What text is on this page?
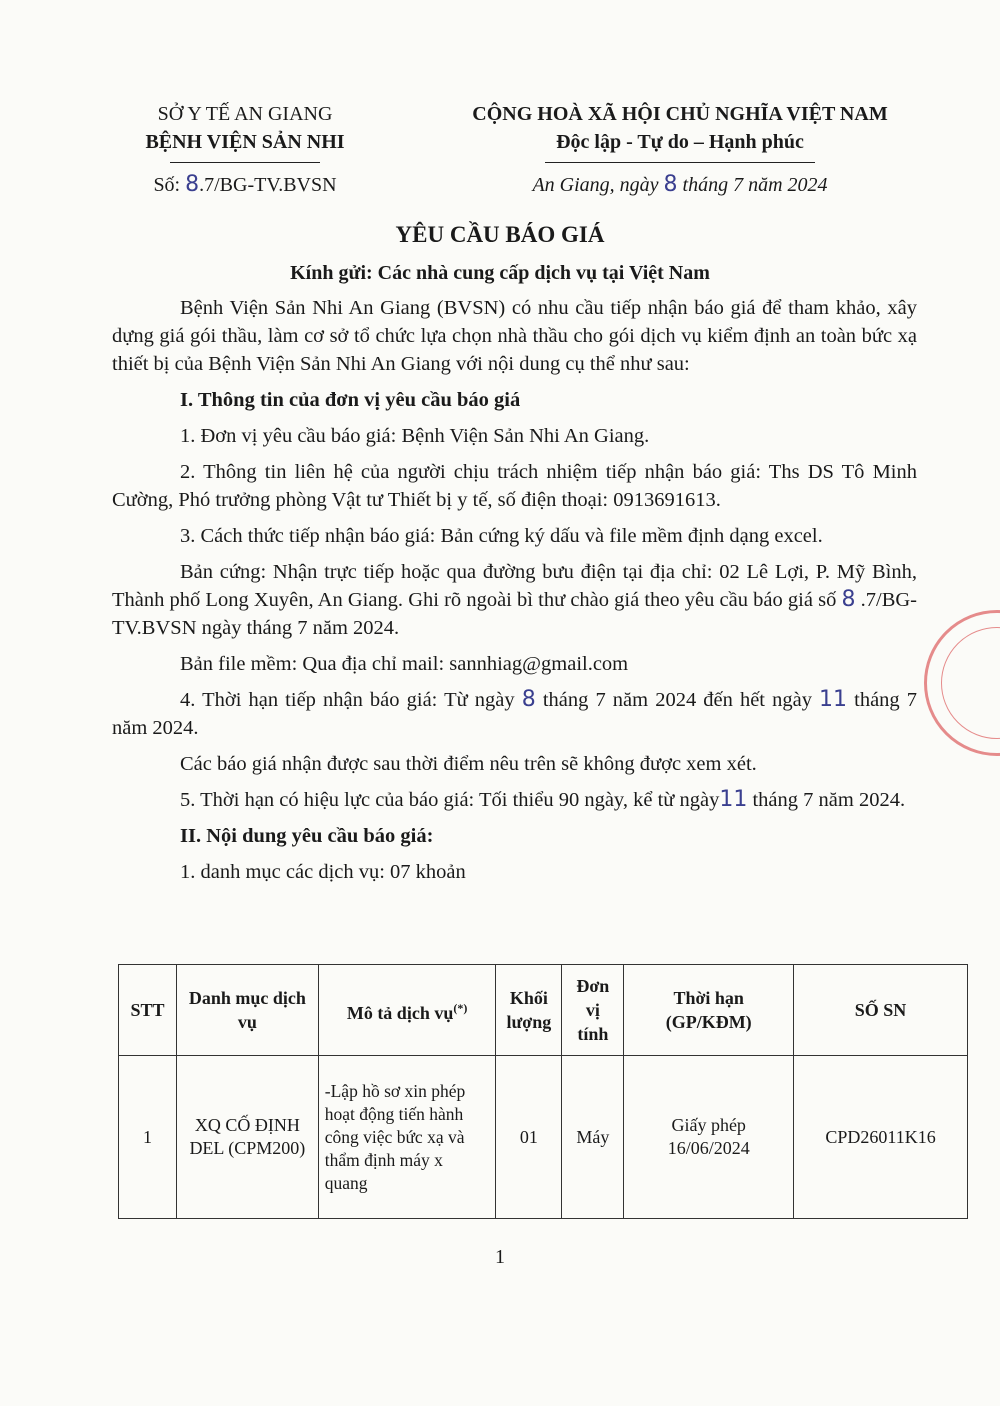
SỞ Y TẾ AN GIANG
BỆNH VIỆN SẢN NHI
Số: 8.7/BG-TV.BVSN
CỘNG HOÀ XÃ HỘI CHỦ NGHĨA VIỆT NAM
Độc lập - Tự do – Hạnh phúc
An Giang, ngày 8 tháng 7 năm 2024
YÊU CẦU BÁO GIÁ
Kính gửi: Các nhà cung cấp dịch vụ tại Việt Nam

Bệnh Viện Sản Nhi An Giang (BVSN) có nhu cầu tiếp nhận báo giá để tham khảo, xây dựng giá gói thầu, làm cơ sở tổ chức lựa chọn nhà thầu cho gói dịch vụ kiểm định an toàn bức xạ thiết bị của Bệnh Viện Sản Nhi An Giang với nội dung cụ thể như sau:

I. Thông tin của đơn vị yêu cầu báo giá

1. Đơn vị yêu cầu báo giá: Bệnh Viện Sản Nhi An Giang.

2. Thông tin liên hệ của người chịu trách nhiệm tiếp nhận báo giá: Ths DS Tô Minh Cường, Phó trưởng phòng Vật tư Thiết bị y tế, số điện thoại: 0913691613.

3. Cách thức tiếp nhận báo giá: Bản cứng ký dấu và file mềm định dạng excel.

Bản cứng: Nhận trực tiếp hoặc qua đường bưu điện tại địa chỉ: 02 Lê Lợi, P. Mỹ Bình, Thành phố Long Xuyên, An Giang. Ghi rõ ngoài bì thư chào giá theo yêu cầu báo giá số 8 .7/BG-TV.BVSN ngày tháng 7 năm 2024.

Bản file mềm: Qua địa chỉ mail: sannhiag@gmail.com

4. Thời hạn tiếp nhận báo giá: Từ ngày 8 tháng 7 năm 2024 đến hết ngày 11 tháng 7 năm 2024.

Các báo giá nhận được sau thời điểm nêu trên sẽ không được xem xét.

5. Thời hạn có hiệu lực của báo giá: Tối thiểu 90 ngày, kể từ ngày11 tháng 7 năm 2024.

II. Nội dung yêu cầu báo giá:

1. danh mục các dịch vụ: 07 khoản

STT	Danh mục dịch vụ	Mô tả dịch vụ(*)	Khối lượng	Đơn vị tính	Thời hạn (GP/KĐM)	SỐ SN
1	XQ CỐ ĐỊNH DEL (CPM200)	-Lập hồ sơ xin phép hoạt động tiến hành công việc bức xạ và thẩm định máy x quang	01	Máy	Giấy phép 16/06/2024	CPD26011K16
1
